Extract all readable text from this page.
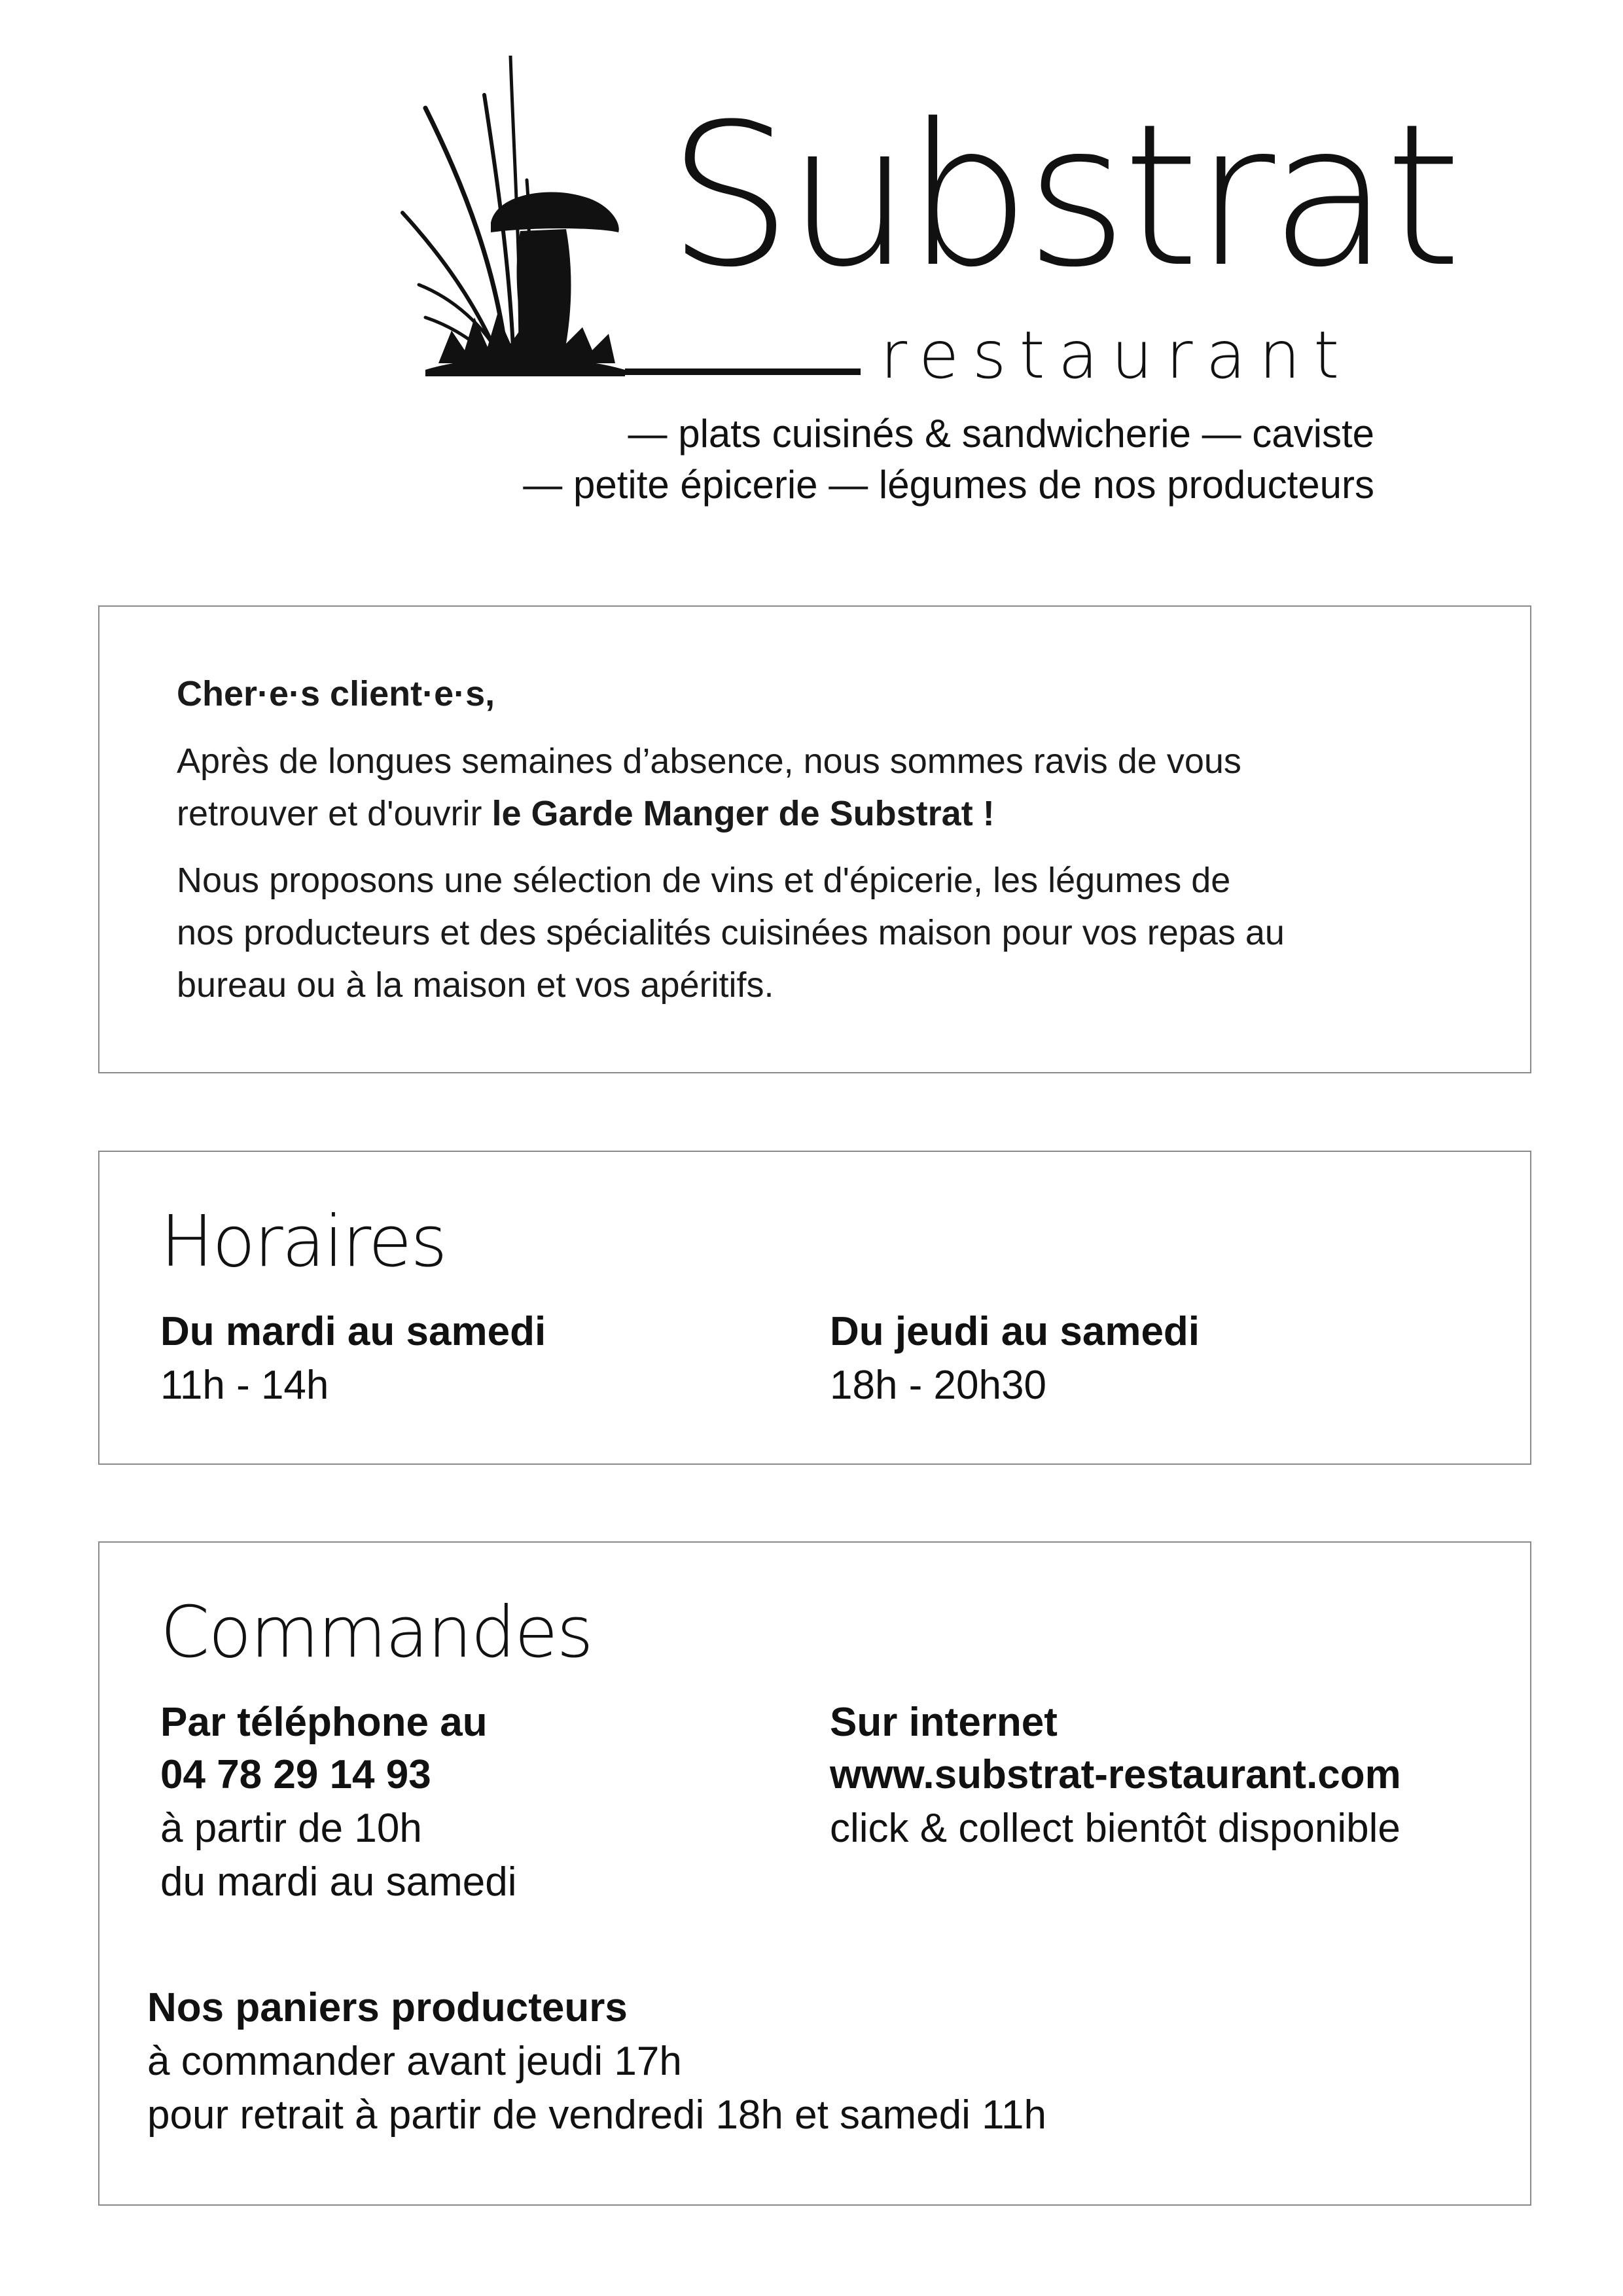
Substrat
restaurant
— plats cuisinés & sandwicherie — caviste
— petite épicerie — légumes de nos producteurs
Cher·e·s client·e·s,
Après de longues semaines d’absence, nous sommes ravis de vous
retrouver et d'ouvrir le Garde Manger de Substrat !
Nous proposons une sélection de vins et d'épicerie, les légumes de
nos producteurs et des spécialités cuisinées maison pour vos repas au
bureau ou à la maison et vos apéritifs.
Horaires
Du mardi au samedi
11h - 14h
Du jeudi au samedi
18h - 20h30
Commandes
Par téléphone au
04 78 29 14 93
à partir de 10h
du mardi au samedi
Sur internet
www.substrat-restaurant.com
click & collect bientôt disponible
Nos paniers producteurs
à commander avant jeudi 17h
pour retrait à partir de vendredi 18h et samedi 11h
